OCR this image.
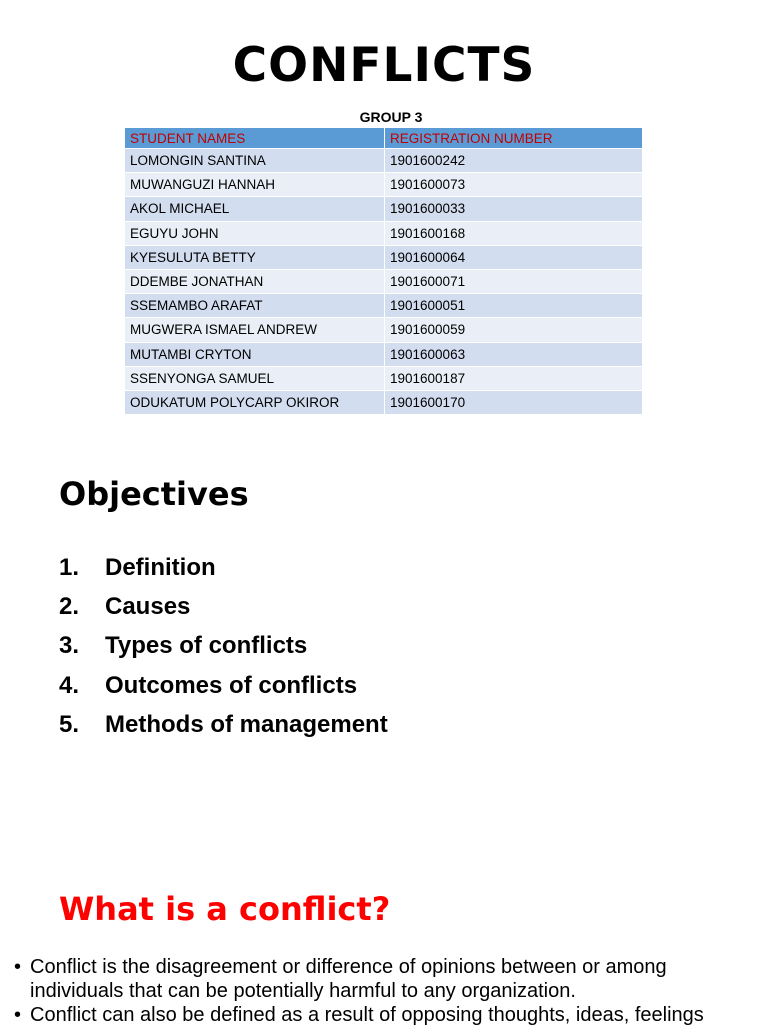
CONFLICTS
GROUP 3
STUDENT NAMES	REGISTRATION NUMBER
LOMONGIN SANTINA	1901600242
MUWANGUZI HANNAH	1901600073
AKOL MICHAEL	1901600033
EGUYU JOHN	1901600168
KYESULUTA BETTY	1901600064
DDEMBE JONATHAN	1901600071
SSEMAMBO ARAFAT	1901600051
MUGWERA ISMAEL ANDREW	1901600059
MUTAMBI CRYTON	1901600063
SSENYONGA SAMUEL	1901600187
ODUKATUM POLYCARP OKIROR	1901600170
Objectives
1.	Definition
2.	Causes
3.	Types of conflicts
4.	Outcomes of conflicts
5.	Methods of management
What is a conflict?
• Conflict is the disagreement or difference of opinions between or among individuals that can be potentially harmful to any organization.
• Conflict can also be defined as a result of opposing thoughts, ideas, feelings
